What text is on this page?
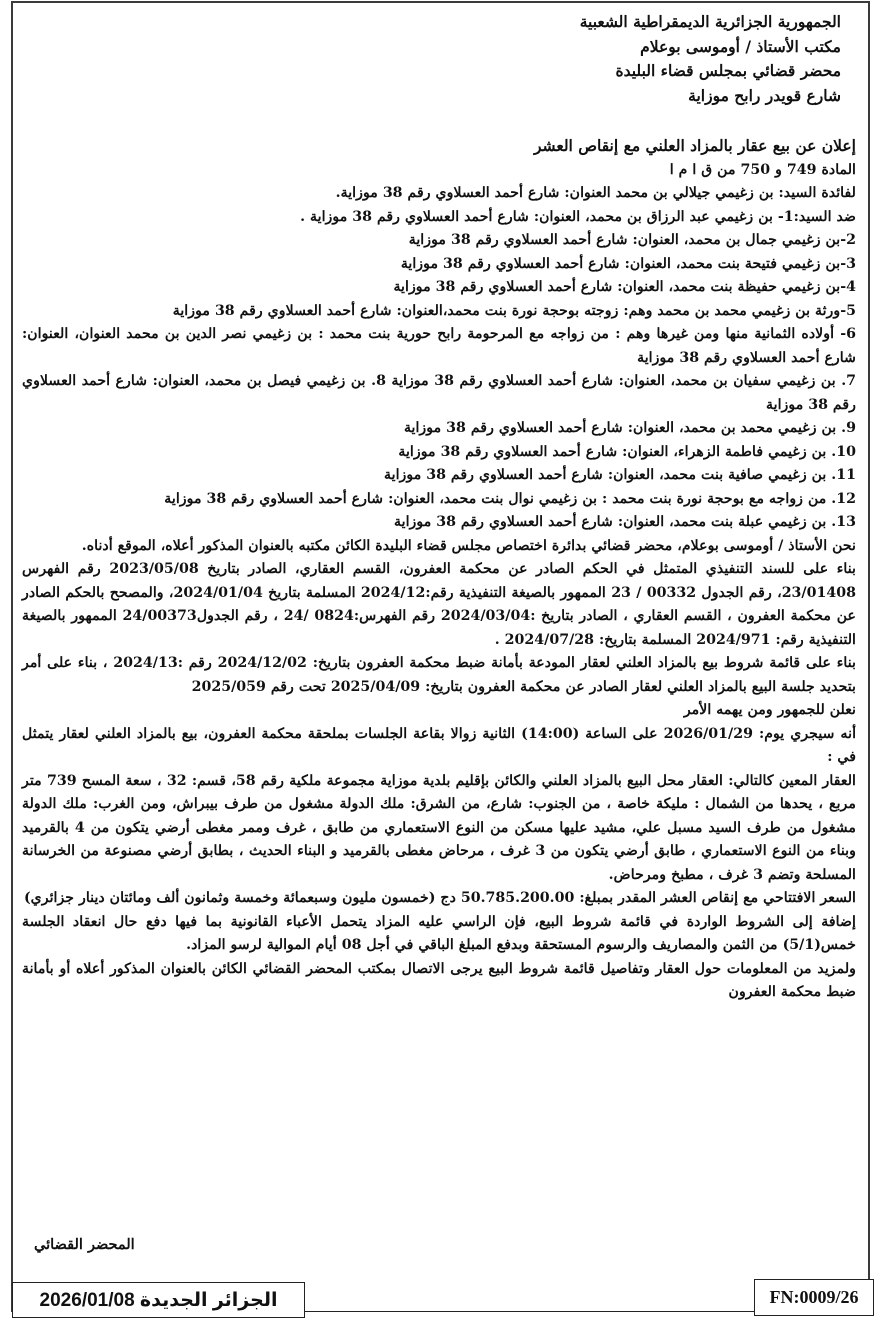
الجمهورية الجزائرية الديمقراطية الشعبية
مكتب الأستاذ / أوموسى بوعلام
محضر قضائي بمجلس قضاء البليدة
شارع قويدر رابح موزاية
إعلان عن بيع عقار بالمزاد العلني مع إنقاص العشر
المادة 749 و 750 من ق ا م ا
لفائدة السيد: بن زغيمي جيلالي بن محمد العنوان: شارع أحمد العسلاوي رقم 38 موزاية.
ضد السيد:1- بن زغيمي عبد الرزاق بن محمد، العنوان: شارع أحمد العسلاوي رقم 38 موزاية .
2-بن زغيمي جمال بن محمد، العنوان: شارع أحمد العسلاوي رقم 38 موزاية
3-بن زغيمي فتيحة بنت محمد، العنوان: شارع أحمد العسلاوي رقم 38 موزاية
4-بن زغيمي حفيظة بنت محمد، العنوان: شارع أحمد العسلاوي رقم 38 موزاية
5-ورثة بن زغيمي محمد بن محمد وهم: زوجته بوحجة نورة بنت محمد،العنوان: شارع أحمد العسلاوي رقم 38 موزاية
6- أولاده الثمانية منها ومن غيرها وهم : من زواجه مع المرحومة رابح حورية بنت محمد : بن زغيمي نصر الدين بن محمد العنوان، العنوان: شارع أحمد العسلاوي رقم 38 موزاية
7. بن زغيمي سفيان بن محمد، العنوان: شارع أحمد العسلاوي رقم 38 موزاية 8. بن زغيمي فيصل بن محمد، العنوان: شارع أحمد العسلاوي رقم 38 موزاية
9. بن زغيمي محمد بن محمد، العنوان: شارع أحمد العسلاوي رقم 38 موزاية
10. بن زغيمي فاطمة الزهراء، العنوان: شارع أحمد العسلاوي رقم 38 موزاية
11. بن زغيمي صافية بنت محمد، العنوان: شارع أحمد العسلاوي رقم 38 موزاية
12. من زواجه مع بوحجة نورة بنت محمد : بن زغيمي نوال بنت محمد، العنوان: شارع أحمد العسلاوي رقم 38 موزاية
13. بن زغيمي عبلة بنت محمد، العنوان: شارع أحمد العسلاوي رقم 38 موزاية
نحن الأستاذ / أوموسى بوعلام، محضر قضائي بدائرة اختصاص مجلس قضاء البليدة الكائن مكتبه بالعنوان المذكور أعلاه، الموقع أدناه.
بناء على للسند التنفيذي المتمثل في الحكم الصادر عن محكمة العفرون، القسم العقاري، الصادر بتاريخ 2023/05/08 رقم الفهرس 23/01408، رقم الجدول 00332 / 23 الممهور بالصيغة التنفيذية رقم:2024/12 المسلمة بتاريخ 2024/01/04، والمصحح بالحكم الصادر عن محكمة العفرون ، القسم العقاري ، الصادر بتاريخ :2024/03/04 رقم الفهرس:0824 /24 ، رقم الجدول24/00373 الممهور بالصيغة التنفيذية رقم: 2024/971 المسلمة بتاريخ: 2024/07/28 .
بناء على قائمة شروط بيع بالمزاد العلني لعقار المودعة بأمانة ضبط محكمة العفرون بتاريخ: 2024/12/02 رقم :2024/13 ، بناء على أمر بتحديد جلسة البيع بالمزاد العلني لعقار الصادر عن محكمة العفرون بتاريخ: 2025/04/09 تحت رقم 2025/059
نعلن للجمهور ومن يهمه الأمر
أنه سيجري يوم: 2026/01/29 على الساعة (14:00) الثانية زوالا بقاعة الجلسات بملحقة محكمة العفرون، بيع بالمزاد العلني لعقار يتمثل في :
العقار المعين كالتالي: العقار محل البيع بالمزاد العلني والكائن بإقليم بلدية موزاية مجموعة ملكية رقم 58، قسم: 32 ، سعة المسح 739 متر مربع ، يحدها من الشمال : مليكة خاصة ، من الجنوب: شارع، من الشرق: ملك الدولة مشغول من طرف بيبراش، ومن الغرب: ملك الدولة مشغول من طرف السيد مسبل علي، مشيد عليها مسكن من النوع الاستعماري من طابق ، غرف وممر مغطى أرضي يتكون من 4 بالقرميد وبناء من النوع الاستعماري ، طابق أرضي يتكون من 3 غرف ، مرحاض مغطى بالقرميد و البناء الحديث ، بطابق أرضي مصنوعة من الخرسانة المسلحة وتضم 3 غرف ، مطبخ ومرحاض.
السعر الافتتاحي مع إنقاص العشر المقدر بمبلغ: 50.785.200.00 دج (خمسون مليون وسبعمائة وخمسة وثمانون ألف ومائتان دينار جزائري)
إضافة إلى الشروط الواردة في قائمة شروط البيع، فإن الراسي عليه المزاد يتحمل الأعباء القانونية بما فيها دفع حال انعقاد الجلسة خمس(5/1) من الثمن والمصاريف والرسوم المستحقة وبدفع المبلغ الباقي في أجل 08 أيام الموالية لرسو المزاد.
ولمزيد من المعلومات حول العقار وتفاصيل قائمة شروط البيع يرجى الاتصال بمكتب المحضر القضائي الكائن بالعنوان المذكور أعلاه أو بأمانة ضبط محكمة العفرون
المحضر القضائي
الجزائر الجديدة 2026/01/08	FN:0009/26
